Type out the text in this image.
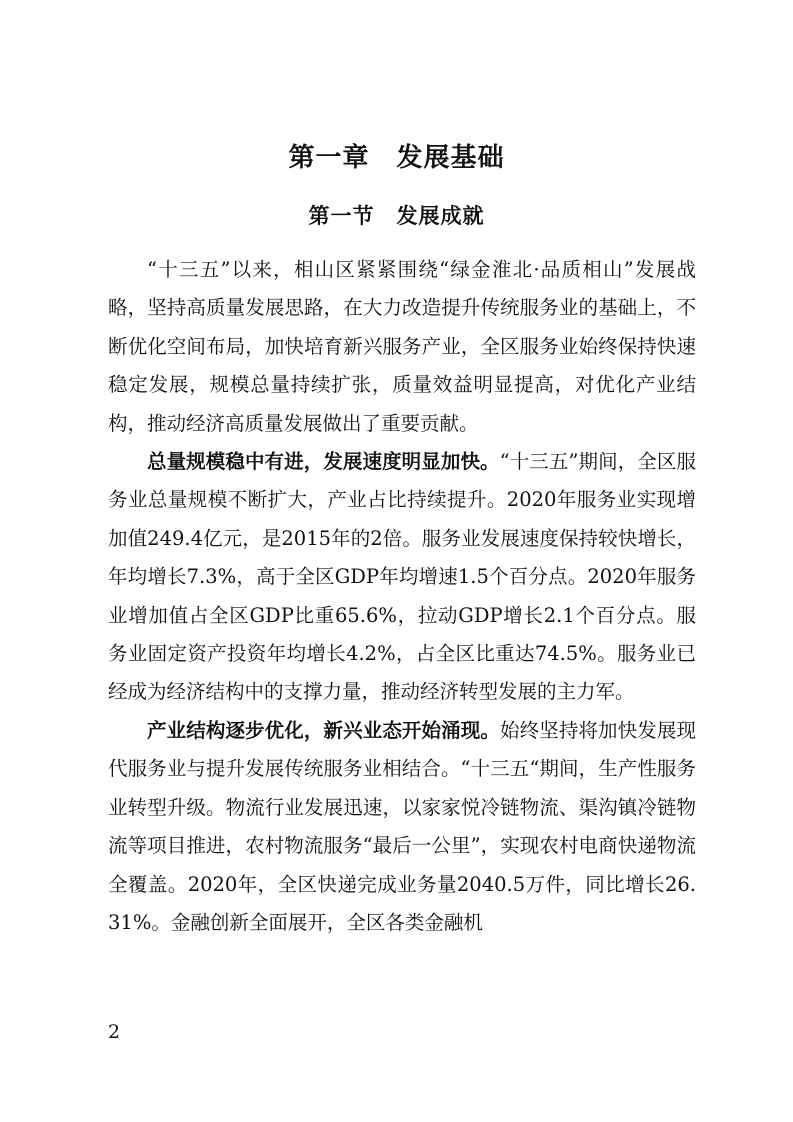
第一章　发展基础
第一节　发展成就

“十三五”以来，相山区紧紧围绕“绿金淮北·品质相山”发展战略，坚持高质量发展思路，在大力改造提升传统服务业的基础上，不断优化空间布局，加快培育新兴服务产业，全区服务业始终保持快速稳定发展，规模总量持续扩张，质量效益明显提高，对优化产业结构，推动经济高质量发展做出了重要贡献。

总量规模稳中有进，发展速度明显加快。“十三五”期间，全区服务业总量规模不断扩大，产业占比持续提升。2020年服务业实现增加值249.4亿元，是2015年的2倍。服务业发展速度保持较快增长，年均增长7.3%，高于全区GDP年均增速1.5个百分点。2020年服务业增加值占全区GDP比重65.6%，拉动GDP增长2.1个百分点。服务业固定资产投资年均增长4.2%，占全区比重达74.5%。服务业已经成为经济结构中的支撑力量，推动经济转型发展的主力军。

产业结构逐步优化，新兴业态开始涌现。始终坚持将加快发展现代服务业与提升发展传统服务业相结合。“十三五“期间，生产性服务业转型升级。物流行业发展迅速，以家家悦冷链物流、渠沟镇冷链物流等项目推进，农村物流服务“最后一公里”，实现农村电商快递物流全覆盖。2020年，全区快递完成业务量2040.5万件，同比增长26.31%。金融创新全面展开，全区各类金融机

2
